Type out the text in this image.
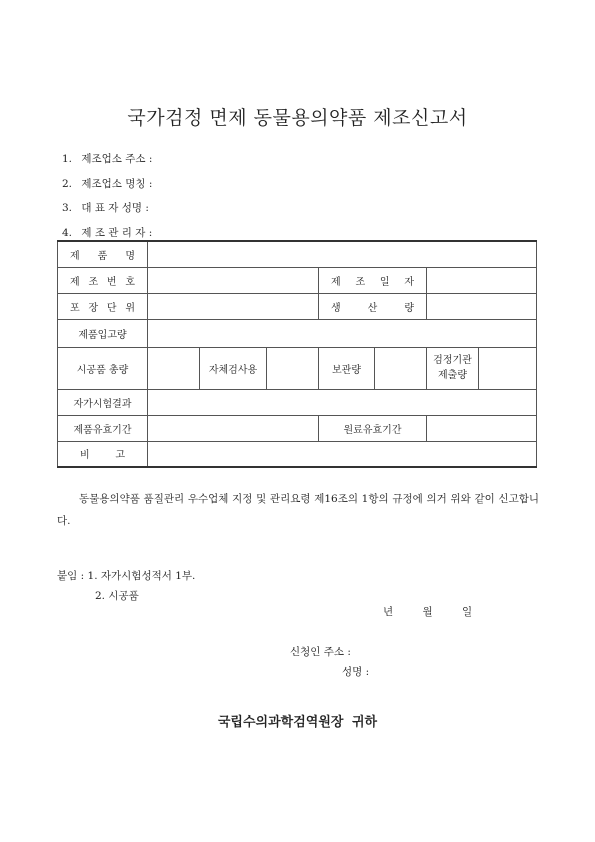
국가검정 면제 동물용의약품 제조신고서
1. 제조업소 주소 :
2. 제조업소 명칭 :
3. 대 표 자 성명 :
4. 제 조 관 리 자 :
제 품 명							
제 조 번 호				제 조 일 자			
포 장 단 위				생 산 량			
제품입고량							
시공품 총량		자체검사용		보관량		검정기관 제출량	
자가시험결과							
제품유효기간				원료유효기간			
비 고							
동물용의약품 품질관리 우수업체 지정 및 관리요령 제16조의 1항의 규정에 의거 위와 같이 신고합니다.
붙임 : 1. 자가시험성적서 1부.
2. 시공품
년 월 일
신청인 주소 :
성명 :
국립수의과학검역원장 귀하
